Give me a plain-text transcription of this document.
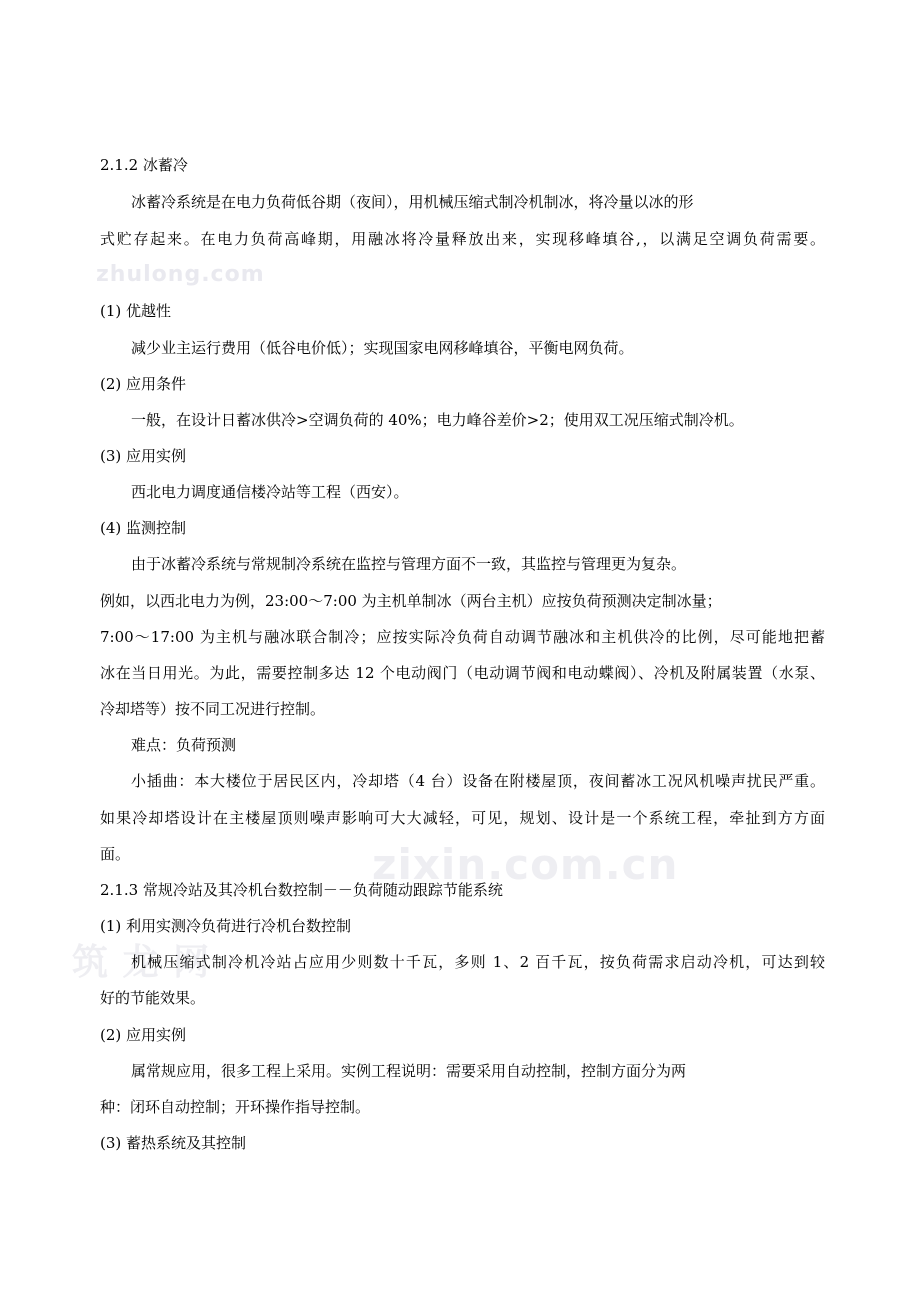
zhulong.com
zixin.com.cn
筑 龙 网
2.1.2 冰蓄冷
冰蓄冷系统是在电力负荷低谷期（夜间），用机械压缩式制冷机制冰，将冷量以冰的形
式贮存起来。在电力负荷高峰期，用融冰将冷量释放出来，实现移峰填谷,，以满足空调负荷需要。
(1) 优越性
减少业主运行费用（低谷电价低）；实现国家电网移峰填谷，平衡电网负荷。
(2) 应用条件
一般，在设计日蓄冰供冷>空调负荷的 40%；电力峰谷差价>2；使用双工况压缩式制冷机。
(3) 应用实例
西北电力调度通信楼冷站等工程（西安）。
(4) 监测控制
由于冰蓄冷系统与常规制冷系统在监控与管理方面不一致，其监控与管理更为复杂。
例如，以西北电力为例，23:00～7:00 为主机单制冰（两台主机）应按负荷预测决定制冰量；
7:00～17:00 为主机与融冰联合制冷；应按实际冷负荷自动调节融冰和主机供冷的比例，尽可能地把蓄
冰在当日用光。为此，需要控制多达 12 个电动阀门（电动调节阀和电动蝶阀）、冷机及附属装置（水泵、
冷却塔等）按不同工况进行控制。
难点：负荷预测
小插曲：本大楼位于居民区内，冷却塔（4 台）设备在附楼屋顶，夜间蓄冰工况风机噪声扰民严重。
如果冷却塔设计在主楼屋顶则噪声影响可大大减轻，可见，规划、设计是一个系统工程，牵扯到方方面
面。
2.1.3 常规冷站及其冷机台数控制－－负荷随动跟踪节能系统
(1) 利用实测冷负荷进行冷机台数控制
机械压缩式制冷机冷站占应用少则数十千瓦，多则 1、2 百千瓦，按负荷需求启动冷机，可达到较
好的节能效果。
(2) 应用实例
属常规应用，很多工程上采用。实例工程说明：需要采用自动控制，控制方面分为两
种：闭环自动控制；开环操作指导控制。
(3) 蓄热系统及其控制
